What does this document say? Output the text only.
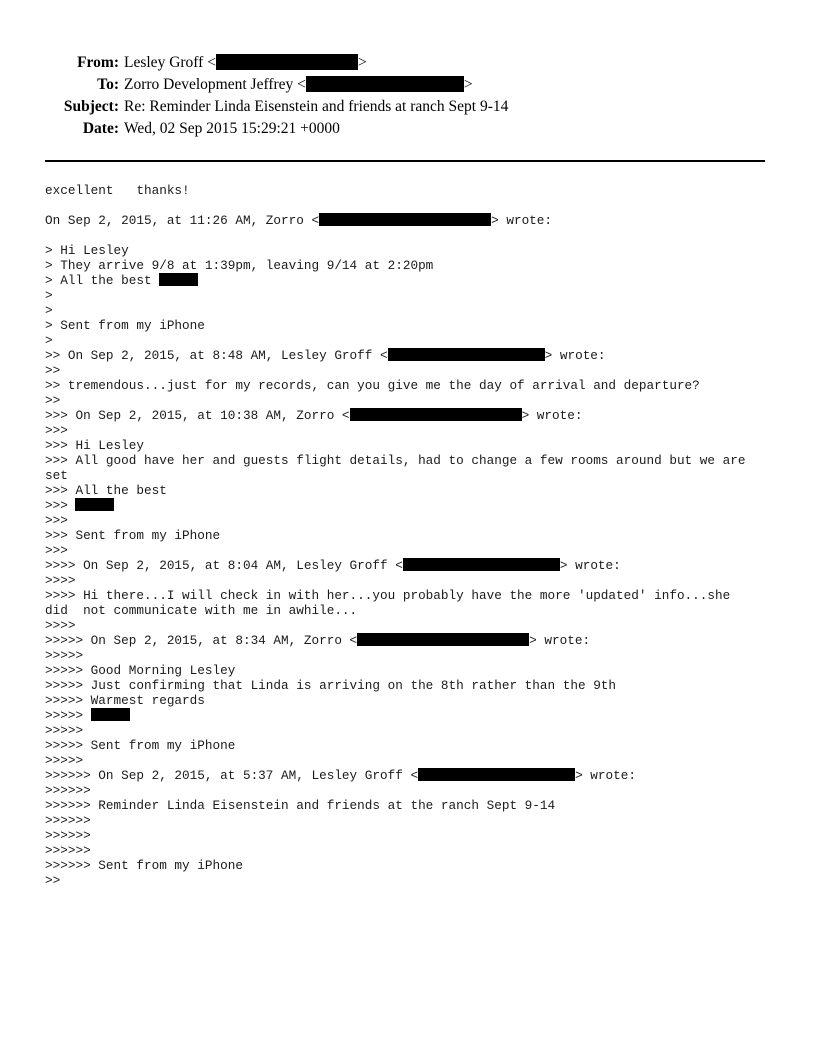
From: Lesley Groff <	>
To: Zorro Development Jeffrey <	>
Subject: Re: Reminder Linda Eisenstein and friends at ranch Sept 9-14
Date: Wed, 02 Sep 2015 15:29:21 +0000
excellent   thanks!
On Sep 2, 2015, at 11:26 AM, Zorro <	> wrote:
> Hi Lesley
> They arrive 9/8 at 1:39pm, leaving 9/14 at 2:20pm
> All the best
>
>
> Sent from my iPhone
>
>> On Sep 2, 2015, at 8:48 AM, Lesley Groff <	> wrote:
>>
>> tremendous...just for my records, can you give me the day of arrival and departure?
>>
>>> On Sep 2, 2015, at 10:38 AM, Zorro <	> wrote:
>>>
>>> Hi Lesley
>>> All good have her and guests flight details, had to change a few rooms around but we are
set
>>> All the best
>>>
>>>
>>> Sent from my iPhone
>>>
>>>> On Sep 2, 2015, at 8:04 AM, Lesley Groff <	> wrote:
>>>>
>>>> Hi there...I will check in with her...you probably have the more 'updated' info...she
did  not communicate with me in awhile...
>>>>
>>>>> On Sep 2, 2015, at 8:34 AM, Zorro <	> wrote:
>>>>>
>>>>> Good Morning Lesley
>>>>> Just confirming that Linda is arriving on the 8th rather than the 9th
>>>>> Warmest regards
>>>>>
>>>>>
>>>>> Sent from my iPhone
>>>>>
>>>>>> On Sep 2, 2015, at 5:37 AM, Lesley Groff <	> wrote:
>>>>>>
>>>>>> Reminder Linda Eisenstein and friends at the ranch Sept 9-14
>>>>>>
>>>>>>
>>>>>>
>>>>>> Sent from my iPhone
>>
